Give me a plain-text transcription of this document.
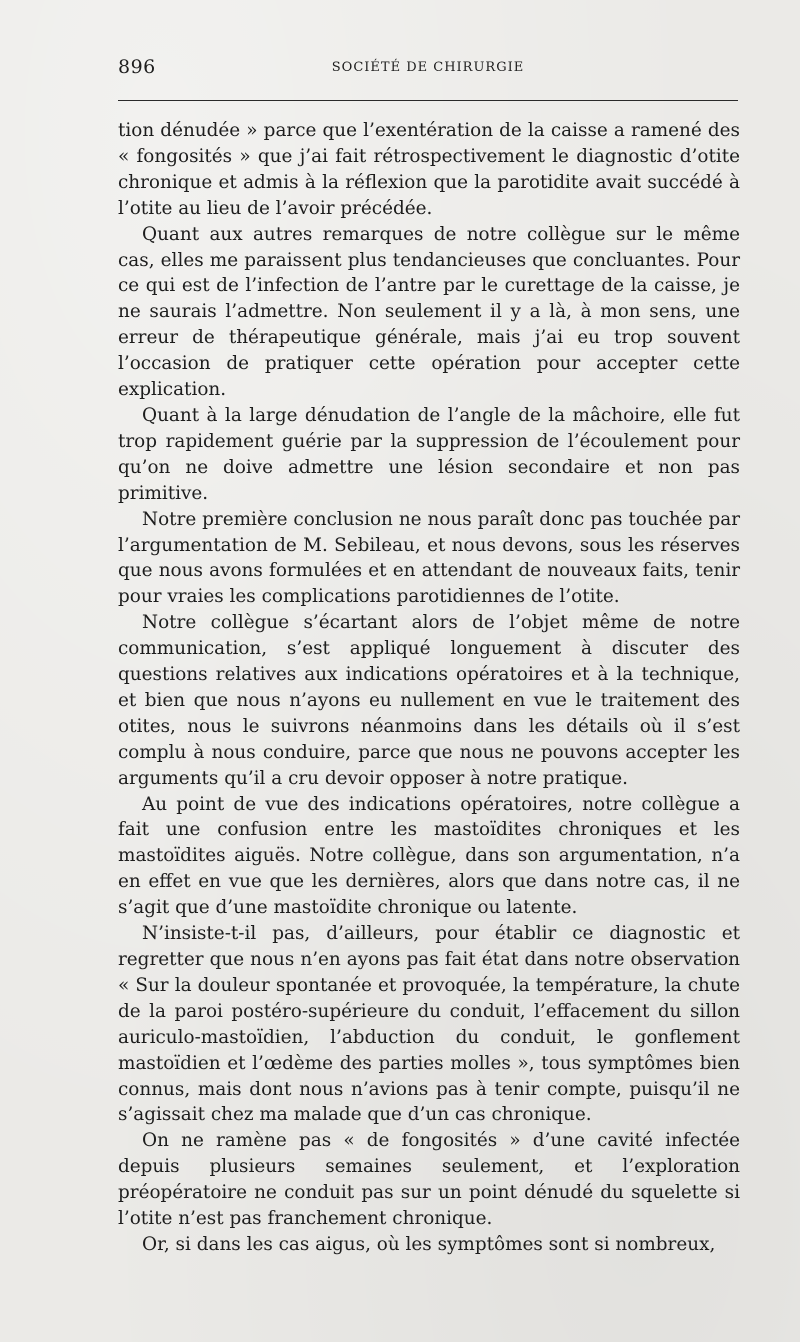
896	SOCIÉTÉ DE CHIRURGIE

tion dénudée » parce que l’exentération de la caisse a ramené des « fongosités » que j’ai fait rétrospectivement le diagnostic d’otite chronique et admis à la réflexion que la parotidite avait succédé à l’otite au lieu de l’avoir précédée.

Quant aux autres remarques de notre collègue sur le même cas, elles me paraissent plus tendancieuses que concluantes. Pour ce qui est de l’infection de l’antre par le curettage de la caisse, je ne saurais l’admettre. Non seulement il y a là, à mon sens, une erreur de thérapeutique générale, mais j’ai eu trop souvent l’occasion de pratiquer cette opération pour accepter cette explication.

Quant à la large dénudation de l’angle de la mâchoire, elle fut trop rapidement guérie par la suppression de l’écoulement pour qu’on ne doive admettre une lésion secondaire et non pas primitive.

Notre première conclusion ne nous paraît donc pas touchée par l’argumentation de M. Sebileau, et nous devons, sous les réserves que nous avons formulées et en attendant de nouveaux faits, tenir pour vraies les complications parotidiennes de l’otite.

Notre collègue s’écartant alors de l’objet même de notre communication, s’est appliqué longuement à discuter des questions relatives aux indications opératoires et à la technique, et bien que nous n’ayons eu nullement en vue le traitement des otites, nous le suivrons néanmoins dans les détails où il s’est complu à nous conduire, parce que nous ne pouvons accepter les arguments qu’il a cru devoir opposer à notre pratique.

Au point de vue des indications opératoires, notre collègue a fait une confusion entre les mastoïdites chroniques et les mastoïdites aiguës. Notre collègue, dans son argumentation, n’a en effet en vue que les dernières, alors que dans notre cas, il ne s’agit que d’une mastoïdite chronique ou latente.

N’insiste-t-il pas, d’ailleurs, pour établir ce diagnostic et regretter que nous n’en ayons pas fait état dans notre observation « Sur la douleur spontanée et provoquée, la température, la chute de la paroi postéro-supérieure du conduit, l’effacement du sillon auriculo-mastoïdien, l’abduction du conduit, le gonflement mastoïdien et l’œdème des parties molles », tous symptômes bien connus, mais dont nous n’avions pas à tenir compte, puisqu’il ne s’agissait chez ma malade que d’un cas chronique.

On ne ramène pas « de fongosités » d’une cavité infectée depuis plusieurs semaines seulement, et l’exploration préopératoire ne conduit pas sur un point dénudé du squelette si l’otite n’est pas franchement chronique.

Or, si dans les cas aigus, où les symptômes sont si nombreux,
